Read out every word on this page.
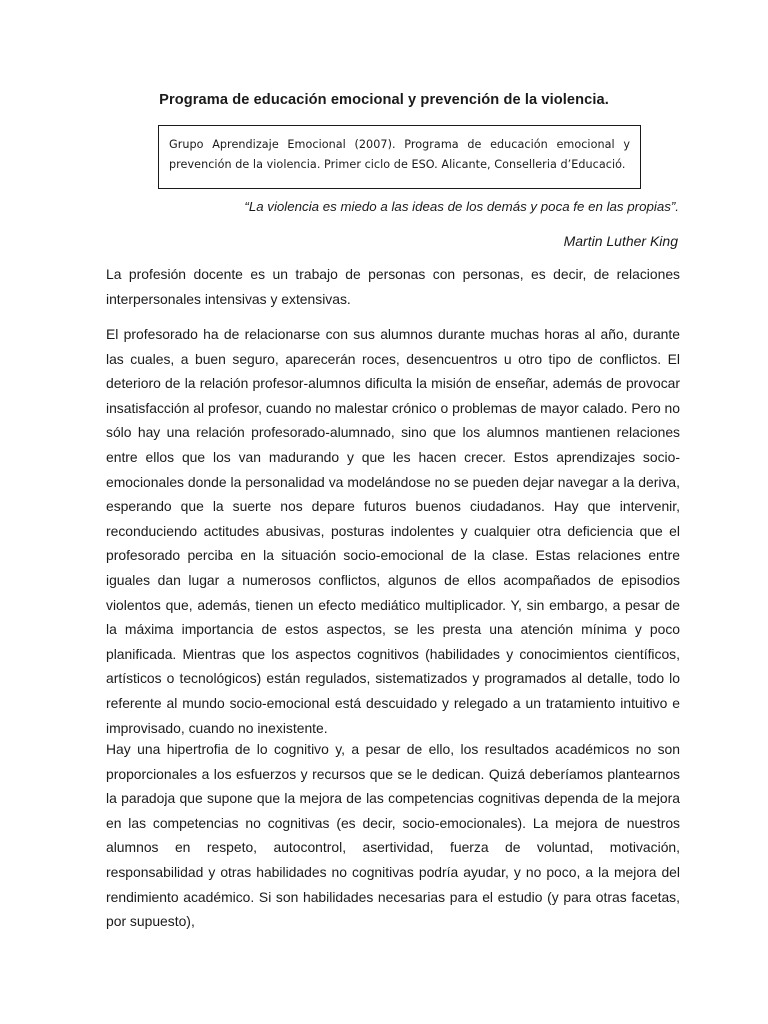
Programa de educación emocional y prevención de la violencia.

Grupo Aprendizaje Emocional (2007). Programa de educación emocional y prevención de la violencia. Primer ciclo de ESO. Alicante, Conselleria d’Educació.

“La violencia es miedo a las ideas de los demás y poca fe en las propias”.
Martin Luther King

La profesión docente es un trabajo de personas con personas, es decir, de relaciones interpersonales intensivas y extensivas.

El profesorado ha de relacionarse con sus alumnos durante muchas horas al año, durante las cuales, a buen seguro, aparecerán roces, desencuentros u otro tipo de conflictos. El deterioro de la relación profesor-alumnos dificulta la misión de enseñar, además de provocar insatisfacción al profesor, cuando no malestar crónico o problemas de mayor calado. Pero no sólo hay una relación profesorado-alumnado, sino que los alumnos mantienen relaciones entre ellos que los van madurando y que les hacen crecer. Estos aprendizajes socio-emocionales donde la personalidad va modelándose no se pueden dejar navegar a la deriva, esperando que la suerte nos depare futuros buenos ciudadanos. Hay que intervenir, reconduciendo actitudes abusivas, posturas indolentes y cualquier otra deficiencia que el profesorado perciba en la situación socio-emocional de la clase. Estas relaciones entre iguales dan lugar a numerosos conflictos, algunos de ellos acompañados de episodios violentos que, además, tienen un efecto mediático multiplicador. Y, sin embargo, a pesar de la máxima importancia de estos aspectos, se les presta una atención mínima y poco planificada. Mientras que los aspectos cognitivos (habilidades y conocimientos científicos, artísticos o tecnológicos) están regulados, sistematizados y programados al detalle, todo lo referente al mundo socio-emocional está descuidado y relegado a un tratamiento intuitivo e improvisado, cuando no inexistente.

Hay una hipertrofia de lo cognitivo y, a pesar de ello, los resultados académicos no son proporcionales a los esfuerzos y recursos que se le dedican. Quizá deberíamos plantearnos la paradoja que supone que la mejora de las competencias cognitivas dependa de la mejora en las competencias no cognitivas (es decir, socio-emocionales). La mejora de nuestros alumnos en respeto, autocontrol, asertividad, fuerza de voluntad, motivación, responsabilidad y otras habilidades no cognitivas podría ayudar, y no poco, a la mejora del rendimiento académico. Si son habilidades necesarias para el estudio (y para otras facetas, por supuesto),
